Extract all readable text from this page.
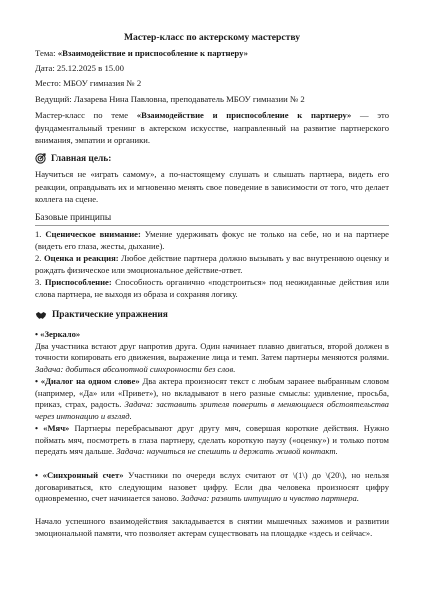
Мастер-класс по актерскому мастерству
Тема: «Взаимодействие и приспособление к партнеру»
Дата: 25.12.2025 в 15.00
Место: МБОУ гимназия № 2
Ведущий: Лазарева Нина Павловна, преподаватель МБОУ гимназии № 2

Мастер-класс по теме «Взаимодействие и приспособление к партнеру» — это фундаментальный тренинг в актерском искусстве, направленный на развитие партнерского внимания, эмпатии и органики.

Главная цель:

Научиться не «играть самому», а по-настоящему слушать и слышать партнера, видеть его реакции, оправдывать их и мгновенно менять свое поведение в зависимости от того, что делает коллега на сцене.

Базовые принципы
1. Сценическое внимание: Умение удерживать фокус не только на себе, но и на партнере (видеть его глаза, жесты, дыхание).
2. Оценка и реакция: Любое действие партнера должно вызывать у вас внутреннюю оценку и рождать физическое или эмоциональное действие-ответ.
3. Приспособление: Способность органично «подстроиться» под неожиданные действия или слова партнера, не выходя из образа и сохраняя логику.
Практические упражнения
• «Зеркало»
Два участника встают друг напротив друга. Один начинает плавно двигаться, второй должен в точности копировать его движения, выражение лица и темп. Затем партнеры меняются ролями. Задача: добиться абсолютной синхронности без слов.
• «Диалог на одном слове» Два актера произносят текст с любым заранее выбранным словом (например, «Да» или «Привет»), но вкладывают в него разные смыслы: удивление, просьба, приказ, страх, радость. Задача: заставить зрителя поверить в меняющиеся обстоятельства через интонацию и взгляд.
• «Мяч» Партнеры перебрасывают друг другу мяч, совершая короткие действия. Нужно поймать мяч, посмотреть в глаза партнеру, сделать короткую паузу («оценку») и только потом передать мяч дальше. Задача: научиться не спешить и держать живой контакт.
• «Синхронный счет» Участники по очереди вслух считают от \(1\) до \(20\), но нельзя договариваться, кто следующим назовет цифру. Если два человека произносят цифру одновременно, счет начинается заново. Задача: развить интуицию и чувство партнера.

Начало успешного взаимодействия закладывается в снятии мышечных зажимов и развитии эмоциональной памяти, что позволяет актерам существовать на площадке «здесь и сейчас».
